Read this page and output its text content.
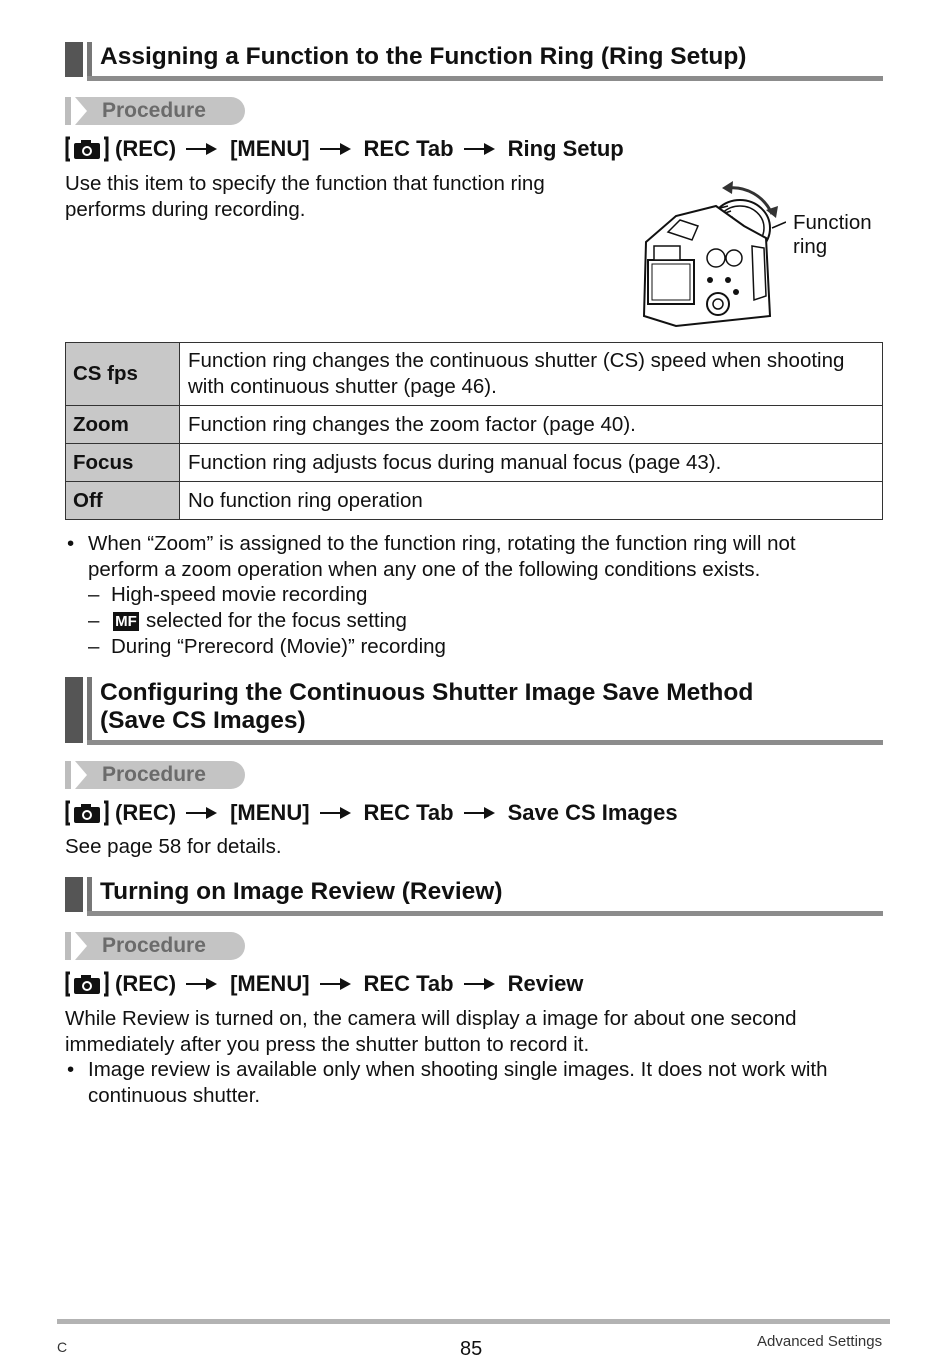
Assigning a Function to the Function Ring (Ring Setup)
Procedure
(REC) [MENU] REC Tab Ring Setup
Use this item to specify the function that function ring performs during recording.
Function
ring
CS fps	Function ring changes the continuous shutter (CS) speed when shooting with continuous shutter (page 46).
Zoom	Function ring changes the zoom factor (page 40).
Focus	Function ring adjusts focus during manual focus (page 43).
Off	No function ring operation
• When “Zoom” is assigned to the function ring, rotating the function ring will not
perform a zoom operation when any one of the following conditions exists.
– High-speed movie recording
– MF selected for the focus setting
– During “Prerecord (Movie)” recording
Configuring the Continuous Shutter Image Save Method
(Save CS Images)
Procedure
(REC) [MENU] REC Tab Save CS Images
See page 58 for details.
Turning on Image Review (Review)
Procedure
(REC) [MENU] REC Tab Review
While Review is turned on, the camera will display a image for about one second
immediately after you press the shutter button to record it.
• Image review is available only when shooting single images. It does not work with
continuous shutter.
C	85	Advanced Settings
